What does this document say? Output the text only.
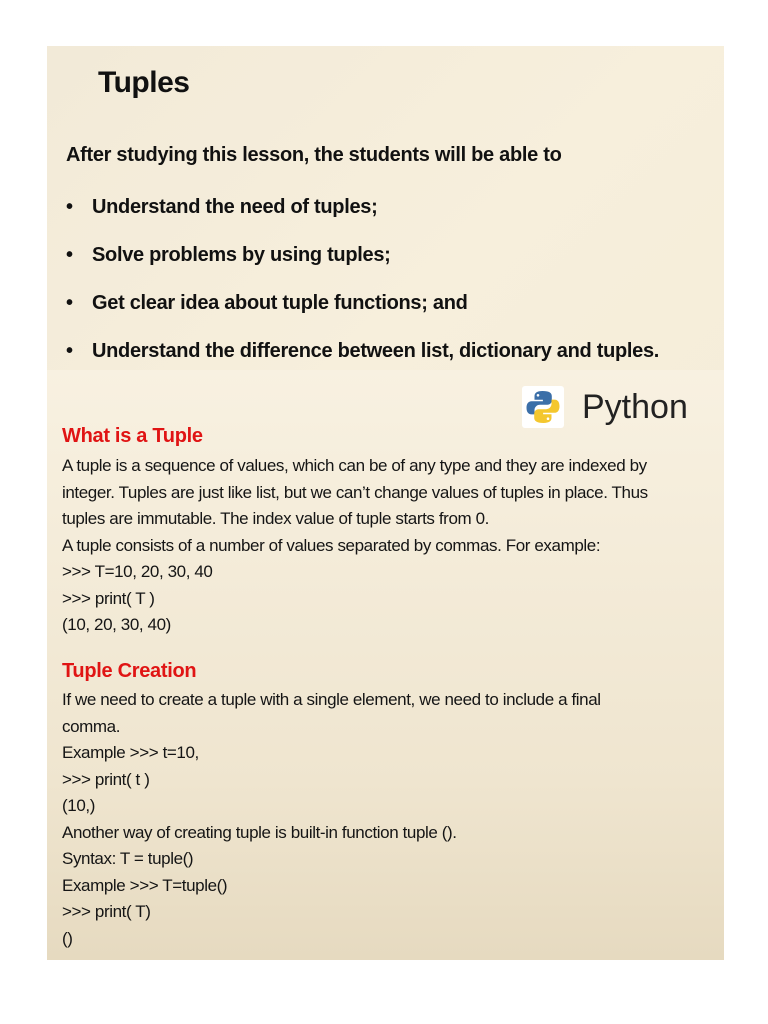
Tuples
After studying this lesson, the students will be able to
• Understand the need of tuples;
• Solve problems by using tuples;
• Get clear idea about tuple functions; and
• Understand the difference between list, dictionary and tuples.
Python
What is a Tuple
A tuple is a sequence of values, which can be of any type and they are indexed by
integer. Tuples are just like list, but we can’t change values of tuples in place. Thus
tuples are immutable. The index value of tuple starts from 0.
A tuple consists of a number of values separated by commas. For example:
>>> T=10, 20, 30, 40
>>> print( T )
(10, 20, 30, 40)
Tuple Creation
If we need to create a tuple with a single element, we need to include a final
comma.
Example >>> t=10,
>>> print( t )
(10,)
Another way of creating tuple is built-in function tuple ().
Syntax: T = tuple()
Example >>> T=tuple()
>>> print( T)
()
